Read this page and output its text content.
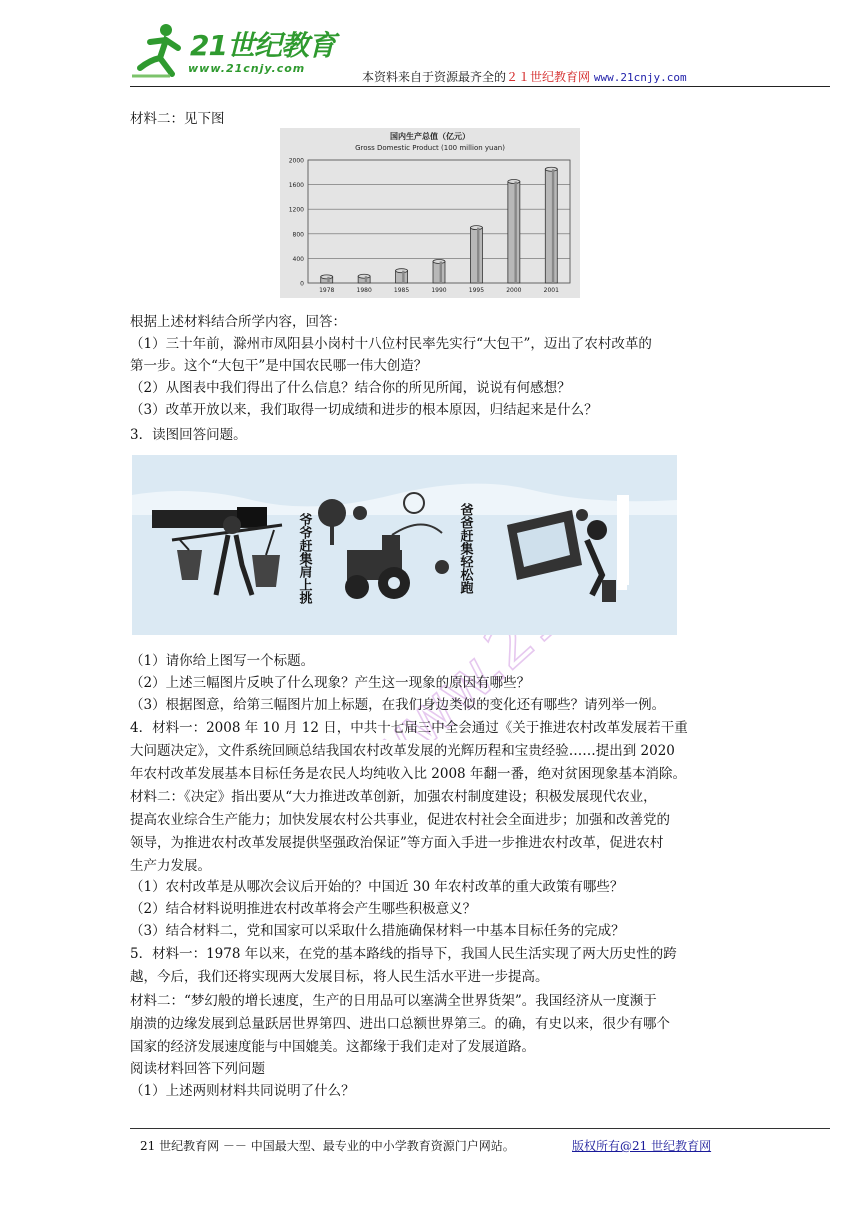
21世纪教育
www.21cnjy.com
本资料来自于资源最齐全的２１世纪教育网 www.21cnjy.com
材料二：见下图
国内生产总值（亿元）
Gross Domestic Product (100 million yuan)
0
400
800
1200
1600
2000
1978	1980	1985	1990	1995	2000	2001
根据上述材料结合所学内容，回答：
（1）三十年前，滁州市凤阳县小岗村十八位村民率先实行“大包干”，迈出了农村改革的
第一步。这个“大包干”是中国农民哪一伟大创造？
（2）从图表中我们得出了什么信息？结合你的所见所闻，说说有何感想？
（3）改革开放以来，我们取得一切成绩和进步的根本原因，归结起来是什么？
3．读图回答问题。
爷爷赶集肩上挑	爸爸赶集轻松跑
（1）请你给上图写一个标题。
（2）上述三幅图片反映了什么现象？产生这一现象的原因有哪些？
（3）根据图意，给第三幅图片加上标题，在我们身边类似的变化还有哪些？请列举一例。
4．材料一：2008 年 10 月 12 日，中共十七届三中全会通过《关于推进农村改革发展若干重
大问题决定》，文件系统回顾总结我国农村改革发展的光辉历程和宝贵经验……提出到 2020
年农村改革发展基本目标任务是农民人均纯收入比 2008 年翻一番，绝对贫困现象基本消除。
材料二：《决定》指出要从“大力推进改革创新，加强农村制度建设；积极发展现代农业，
提高农业综合生产能力；加快发展农村公共事业，促进农村社会全面进步；加强和改善党的
领导，为推进农村改革发展提供坚强政治保证”等方面入手进一步推进农村改革，促进农村
生产力发展。
（1）农村改革是从哪次会议后开始的？中国近 30 年农村改革的重大政策有哪些？
（2）结合材料说明推进农村改革将会产生哪些积极意义？
（3）结合材料二，党和国家可以采取什么措施确保材料一中基本目标任务的完成？
5．材料一：1978 年以来，在党的基本路线的指导下，我国人民生活实现了两大历史性的跨
越，今后，我们还将实现两大发展目标，将人民生活水平进一步提高。
材料二：“梦幻般的增长速度，生产的日用品可以塞满全世界货架”。我国经济从一度濒于
崩溃的边缘发展到总量跃居世界第四、进出口总额世界第三。的确，有史以来，很少有哪个
国家的经济发展速度能与中国媲美。这都缘于我们走对了发展道路。
阅读材料回答下列问题
（1）上述两则材料共同说明了什么？
21 世纪教育网 －－ 中国最大型、最专业的中小学教育资源门户网站。	版权所有@21 世纪教育网
